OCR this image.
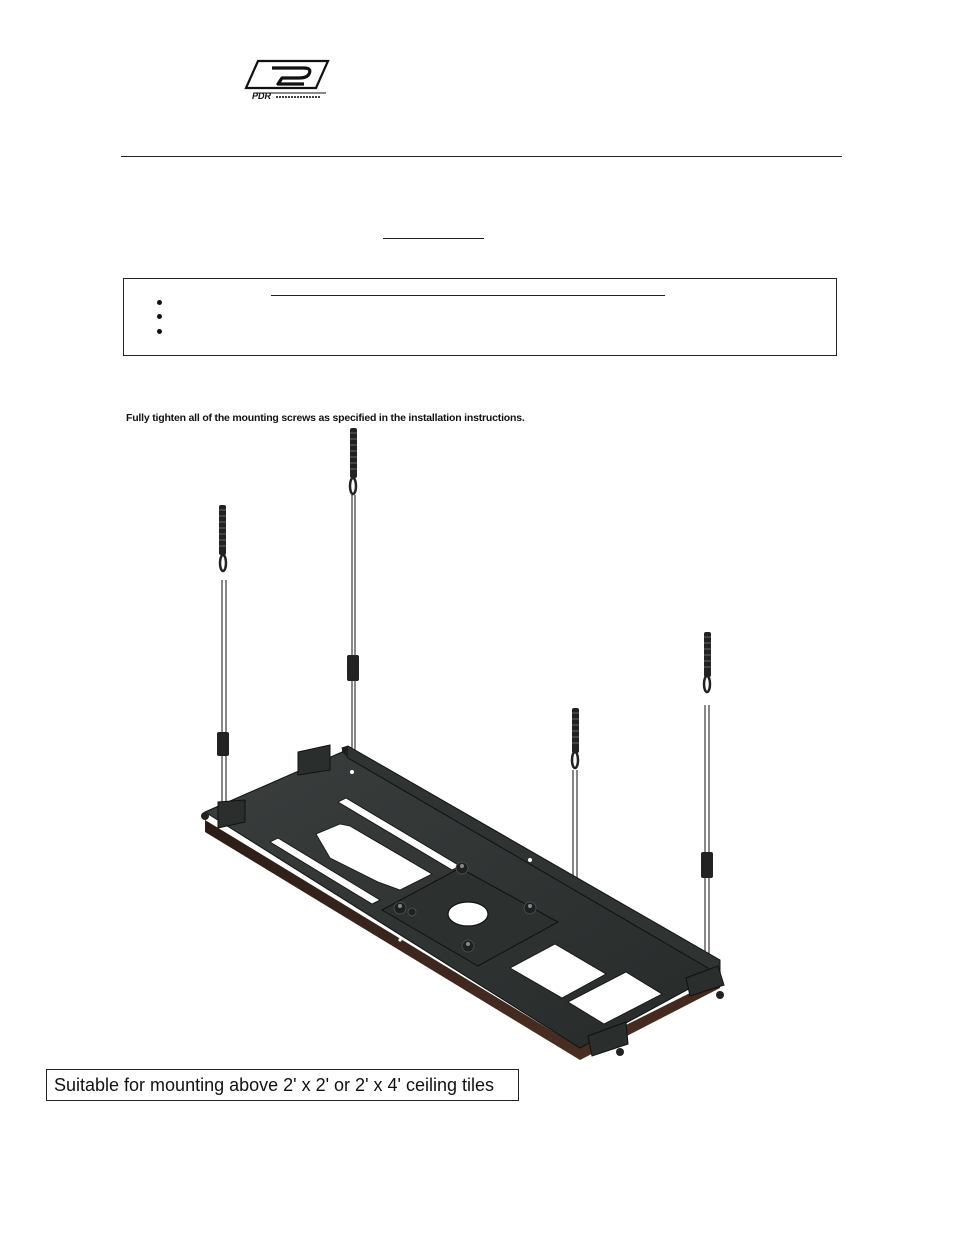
PDR

Fully tighten all of the mounting screws as specified in the installation instructions.

Suitable for mounting above 2' x 2' or 2' x 4' ceiling tiles
